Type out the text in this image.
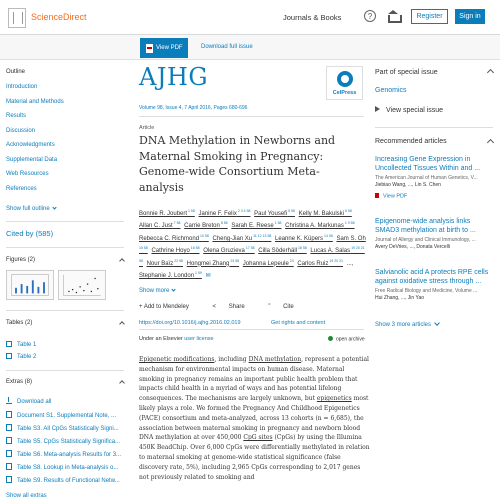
ScienceDirect	Journals & Books	?	Register	Sign in
View PDF	Download full issue
Outline
Introduction
Material and Methods
Results
Discussion
Acknowledgments
Supplemental Data
Web Resources
References
Show full outline
Cited by (585)
Figures (2)
Tables (2)
Table 1
Table 2
Extras (8)
Download all
Document S1. Supplemental Note, ...
Table S3. All CpGs Statistically Signi...
Table S5. CpGs Statistically Significa...
Table S6. Meta-analysis Results for 3...
Table S8. Lookup in Meta-analysis o...
Table S9. Results of Functional Netw...
Show all extras
AJHG
CelPress
Volume 98, Issue 4, 7 April 2016, Pages 680-696
Article
DNA Methylation in Newborns and Maternal Smoking in Pregnancy: Genome-wide Consortium Meta-analysis
Bonnie R. Joubert $^{1 58}$ Janine F. Felix $^{2 3 4 58}$ Paul Yousefi $^{5 58}$ Kelly M. Bakulski $^{6 58}$ Allan C. Just $^{7 58}$ Carrie Breton $^{8 58}$ Sarah E. Reese $^{1 58}$ Christina A. Markunas $^{1 9 58}$ Rebecca C. Richmond $^{10 58}$ Cheng-Jian Xu $^{11 12 13 58}$ Leanne K. Küpers $^{14 58}$ Sam S. Oh $^{15 58}$ Cathrine Hoyo $^{16 58}$ Olena Gruzieva $^{17 58}$ Cilla Söderhäll $^{18 58}$ Lucas A. Salas $^{19 20 21 58}$ Nour Baïz $^{22 58}$ Hongmei Zhang $^{23 58}$ Johanna Lepeule $^{24}$ Carlos Ruiz $^{19 20 21}$ ..., Stephanie J. London $^{1 59}$ ✉
Show more
+ Add to Mendeley	< Share	” Cite
https://doi.org/10.1016/j.ajhg.2016.02.019	Get rights and content
Under an Elsevier user license	open archive
Epigenetic modifications, including DNA methylation, represent a potential mechanism for environmental impacts on human disease. Maternal smoking in pregnancy remains an important public health problem that impacts child health in a myriad of ways and has potential lifelong consequences. The mechanisms are largely unknown, but epigenetics most likely plays a role. We formed the Pregnancy And Childhood Epigenetics (PACE) consortium and meta-analyzed, across 13 cohorts (n = 6,685), the association between maternal smoking in pregnancy and newborn blood DNA methylation at over 450,000 CpG sites (CpGs) by using the Illumina 450K BeadChip. Over 6,000 CpGs were differentially methylated in relation to maternal smoking at genome-wide statistical significance (false discovery rate, 5%), including 2,965 CpGs corresponding to 2,017 genes not previously related to smoking and
Part of special issue
Genomics
View special issue
Recommended articles
Increasing Gene Expression in Uncollected Tissues Within and ...
The American Journal of Human Genetics, V...
Jiebiao Wang, ..., Lin S. Chen
View PDF
Epigenome-wide analysis links SMAD3 methylation at birth to ...
Journal of Allergy and Clinical Immunology, ...
Avery DeVries, ..., Donata Vercelli
Salvianolic acid A protects RPE cells against oxidative stress through ...
Free Radical Biology and Medicine, Volume ...
Hui Zhang, ..., Jin Yao
Show 3 more articles
